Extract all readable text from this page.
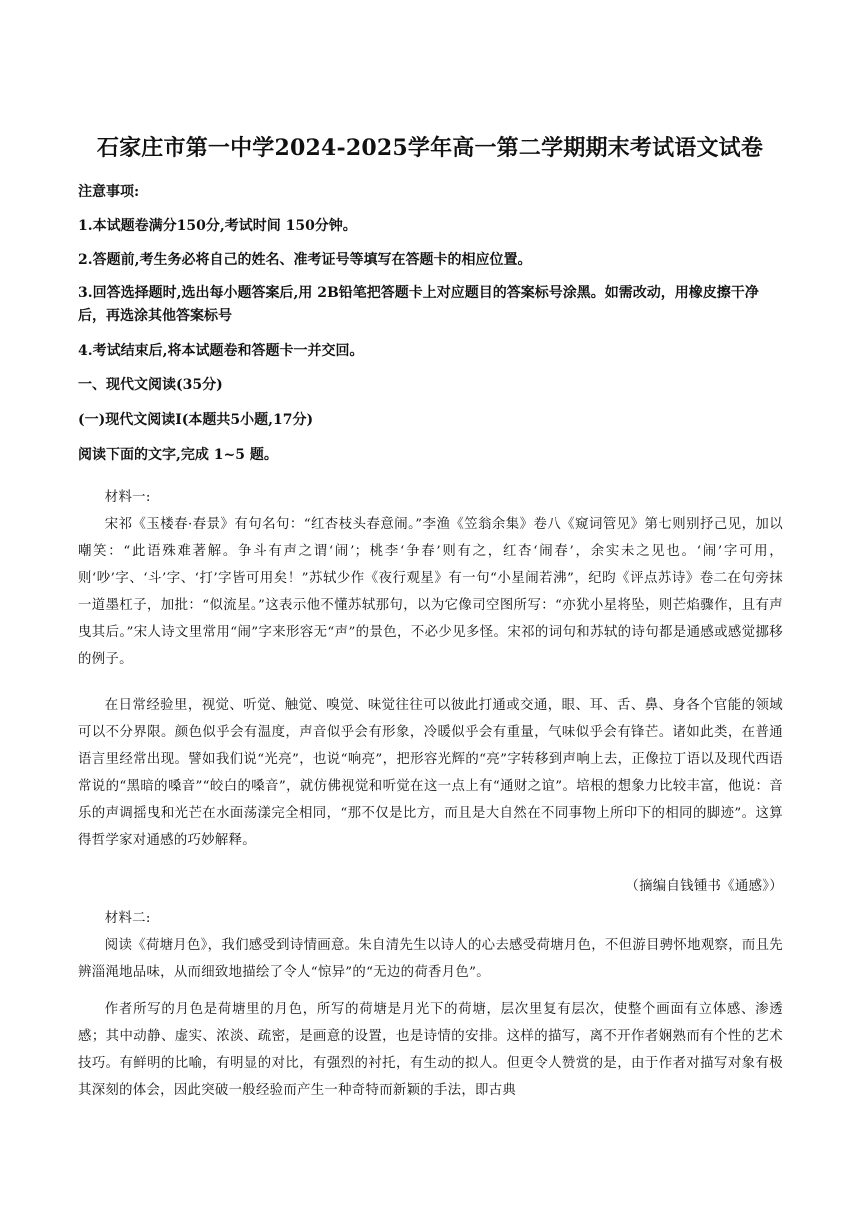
石家庄市第一中学2024-2025学年高一第二学期期末考试语文试卷
注意事项:
1.本试题卷满分150分,考试时间 150分钟。
2.答题前,考生务必将自己的姓名、准考证号等填写在答题卡的相应位置。
3.回答选择题时,选出每小题答案后,用 2B铅笔把答题卡上对应题目的答案标号涂黑。如需改动，用橡皮擦干净后，再选涂其他答案标号
4.考试结束后,将本试题卷和答题卡一并交回。
一、现代文阅读(35分)
(一)现代文阅读I(本题共5小题,17分)
阅读下面的文字,完成 1~5 题。
材料一:
宋祁《玉楼春·春景》有句名句：“红杏枝头春意闹。”李渔《笠翁余集》卷八《窥词管见》第七则别抒己见，加以嘲笑：“此语殊难著解。争斗有声之谓‘闹’；桃李‘争春’则有之，红杏‘闹春’，余实未之见也。‘闹’字可用，则‘吵’字、‘斗’字、‘打’字皆可用矣！”苏轼少作《夜行观星》有一句“小星闹若沸”，纪昀《评点苏诗》卷二在句旁抹一道墨杠子，加批：“似流星。”这表示他不懂苏轼那句，以为它像司空图所写：“亦犹小星将坠，则芒焰骤作，且有声曳其后。”宋人诗文里常用“闹”字来形容无“声”的景色，不必少见多怪。宋祁的词句和苏轼的诗句都是通感或感觉挪移的例子。
在日常经验里，视觉、听觉、触觉、嗅觉、味觉往往可以彼此打通或交通，眼、耳、舌、鼻、身各个官能的领域可以不分界限。颜色似乎会有温度，声音似乎会有形象，冷暖似乎会有重量，气味似乎会有锋芒。诸如此类，在普通语言里经常出现。譬如我们说“光亮”，也说“响亮”，把形容光辉的“亮”字转移到声响上去，正像拉丁语以及现代西语常说的“黑暗的嗓音”“皎白的嗓音”，就仿佛视觉和听觉在这一点上有“通财之谊”。培根的想象力比较丰富，他说：音乐的声调摇曳和光芒在水面荡漾完全相同，“那不仅是比方，而且是大自然在不同事物上所印下的相同的脚迹”。这算得哲学家对通感的巧妙解释。
（摘编自钱锺书《通感》）
材料二:
阅读《荷塘月色》，我们感受到诗情画意。朱自清先生以诗人的心去感受荷塘月色，不但游目骋怀地观察，而且先辨淄渑地品味，从而细致地描绘了令人“惊异”的“无边的荷香月色”。
作者所写的月色是荷塘里的月色，所写的荷塘是月光下的荷塘，层次里复有层次，使整个画面有立体感、渗透感；其中动静、虚实、浓淡、疏密，是画意的设置，也是诗情的安排。这样的描写，离不开作者娴熟而有个性的艺术技巧。有鲜明的比喻，有明显的对比，有强烈的衬托，有生动的拟人。但更令人赞赏的是，由于作者对描写对象有极其深刻的体会，因此突破一般经验而产生一种奇特而新颖的手法，即古典
